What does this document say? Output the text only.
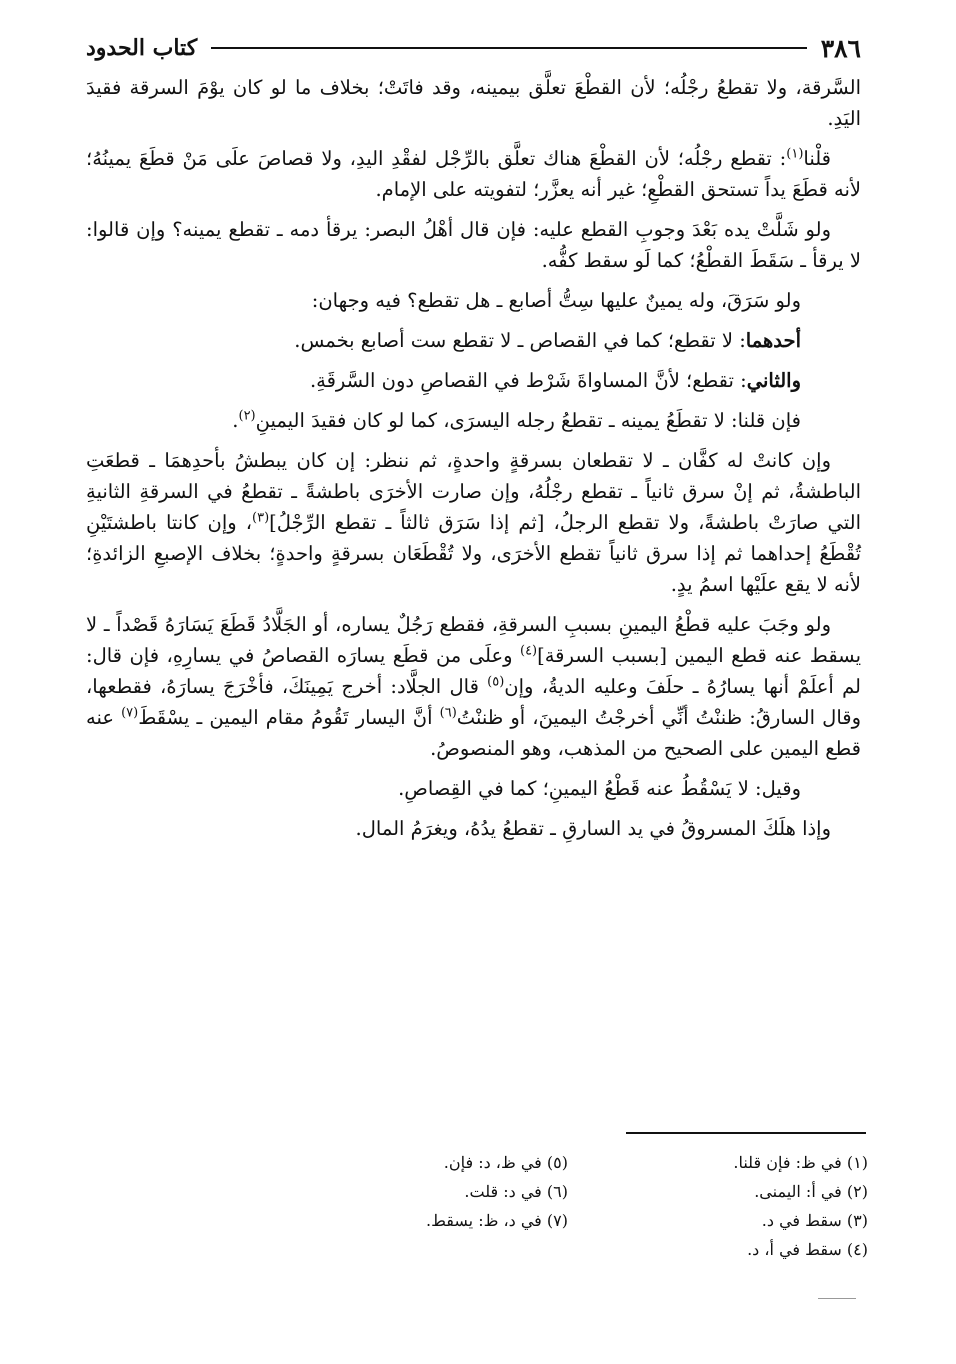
٣٨٦
كتاب الحدود

السَّرقة، ولا تقطعُ رجْلُه؛ لأن القطْعَ تعلَّق بيمينه، وقد فاتَتْ؛ بخلاف ما لو كان يوْمَ السرقة فقيدَ اليَدِ.

قلْنا$^{(١)}$: تقطع رجْلُه؛ لأن القطْعَ هناك تعلَّق بالرِّجْل لفقْدِ اليدِ، ولا قصاصَ علَى مَنْ قطَعَ يمينُهُ؛ لأنه قطَعَ يداً تستحق القطْعِ؛ غير أنه يعزَّر؛ لتفويته على الإمام.

ولو شَلَّتْ يده بَعْدَ وجوبِ القطع عليه: فإن قال أهْلُ البصر: يرقأ دمه ـ تقطع يمينه؟ وإن قالوا: لا يرقأ ـ سَقَطَ القطْعُ؛ كما لَو سقط كفُّه.

ولو سَرَقَ، وله يمينٌ عليها سِتُّ أصابع ـ هل تقطع؟ فيه وجهان:

أحدهما: لا تقطع؛ كما في القصاص ـ لا تقطع ست أصابع بخمس.

والثاني: تقطع؛ لأنَّ المساواةَ شَرْط في القصاصِ دون السَّرقَةِ.

فإن قلنا: لا تقطَعُ يمينه ـ تقطعُ رجله اليسرَى، كما لو كان فقيدَ اليمينِ$^{(٢)}$.

وإن كانتْ له كفَّان ـ لا تقطعان بسرقةٍ واحدةٍ، ثم ننظر: إن كان يبطشُ بأحدِهمَا ـ قطعَتِ الباطشةُ، ثم إنْ سرق ثانياً ـ تقطع رجْلُهُ، وإن صارت الأخرَى باطشةً ـ تقطعُ في السرقةِ الثانيةِ التي صارَتْ باطشةً، ولا تقطع الرجلُ، [ثم إذا سَرَق ثالثاً ـ تقطع الرِّجْلُ]$^{(٣)}$، وإن كانتا باطشتَيْنِ تُقْطَعُ إحداهما ثم إذا سرق ثانياً تقطع الأخرَى، ولا تُقْطَعَان بسرقةٍ واحدةٍ؛ بخلاف الإصبعِ الزائدةِ؛ لأنه لا يقع علَيْها اسمُ يدٍ.

ولو وجَبَ عليه قطْعُ اليمينِ بسببِ السرقةِ، فقطع رَجُلٌ يساره، أو الجَلَّادُ قَطَعَ يَسَارَهُ قَصْداً ـ لا يسقط عنه قطع اليمين [بسبب السرقة]$^{(٤)}$ وعلَى من قطَع يسارَه القصاصُ في يسارِهِ، فإن قال: لم أعلَمْ أنها يسارُهُ ـ حلَفَ وعليه الديةُ، وإن$^{(٥)}$ قال الجلَّاد: أخرج يَمِينَكَ، فأخْرَجَ يسارَهُ، فقطعها، وقال السارقُ: ظننْتُ أنِّي أخرجْتُ اليمينَ، أو ظننْتُ$^{(٦)}$ أنَّ اليسار تَقُومُ مقام اليمين ـ يسْقَطَ$^{(٧)}$ عنه قطع اليمين على الصحيح من المذهب، وهو المنصوصُ.

وقيل: لا يَسْقُطُ عنه قَطْعُ اليمينِ؛ كما في القِصاصِ.

وإذا هلَكَ المسروقُ في يد السارقِ ـ تقطعُ يدُهُ، ويغرَمُ المال.

(١) في ظ: فإن قلنا.
(٢) في أ: اليمنى.
(٣) سقط في د.
(٤) سقط في أ، د.
(٥) في ظ، د: فإن.
(٦) في د: قلت.
(٧) في د، ظ: يسقط.
